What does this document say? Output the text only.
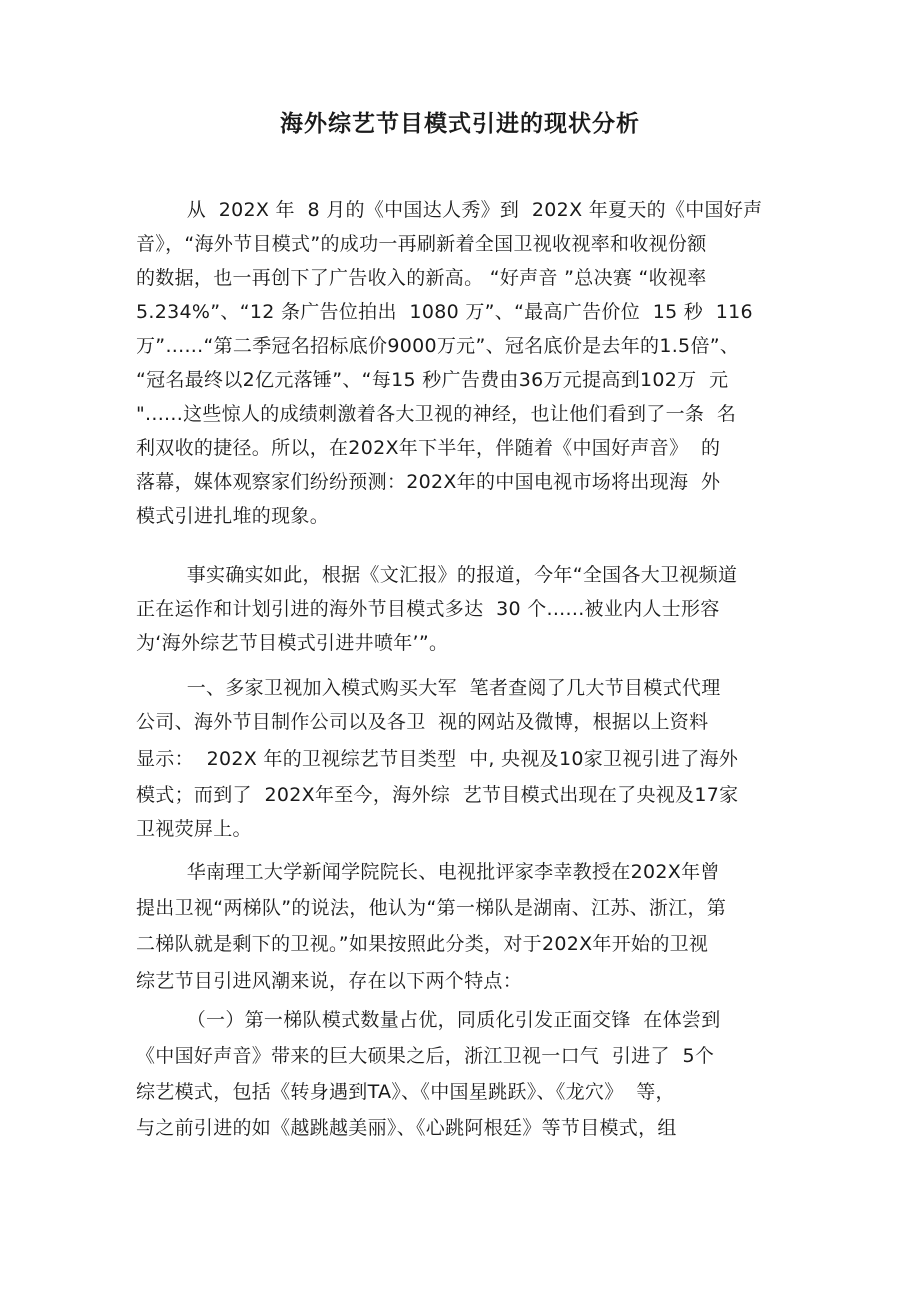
海外综艺节目模式引进的现状分析
从  202X 年  8 月的《中国达人秀》到  202X 年夏天的《中国好声
音》，“海外节目模式”的成功一再刷新着全国卫视收视率和收视份额
的数据，也一再创下了广告收入的新高。 “好声音 ”总决赛 “收视率
5.234%”、“12 条广告位拍出  1080 万”、“最高广告价位  15 秒  116
万”......“第二季冠名招标底价9000万元”、冠名底价是去年的1.5倍”、
“冠名最终以2亿元落锤”、“每15 秒广告费由36万元提高到102万  元
"......这些惊人的成绩刺激着各大卫视的神经，也让他们看到了一条  名
利双收的捷径。所以，在202X年下半年，伴随着《中国好声音》  的
落幕，媒体观察家们纷纷预测：202X年的中国电视市场将出现海  外
模式引进扎堆的现象。
事实确实如此，根据《文汇报》的报道，今年“全国各大卫视频道
正在运作和计划引进的海外节目模式多达  30 个......被业内人士形容
为‘海外综艺节目模式引进井喷年’”。
一、多家卫视加入模式购买大军  笔者查阅了几大节目模式代理
公司、海外节目制作公司以及各卫  视的网站及微博，根据以上资料
显示：  202X 年的卫视综艺节目类型  中, 央视及10家卫视引进了海外
模式；而到了  202X年至今，海外综  艺节目模式出现在了央视及17家
卫视荧屏上。
华南理工大学新闻学院院长、电视批评家李幸教授在202X年曾
提出卫视“两梯队”的说法，他认为“第一梯队是湖南、江苏、浙江，第
二梯队就是剩下的卫视。”如果按照此分类，对于202X年开始的卫视
综艺节目引进风潮来说，存在以下两个特点：
（一）第一梯队模式数量占优，同质化引发正面交锋  在体尝到
《中国好声音》带来的巨大硕果之后，浙江卫视一口气  引进了  5个
综艺模式，包括《转身遇到TA》、《中国星跳跃》、《龙穴》  等，
与之前引进的如《越跳越美丽》、《心跳阿根廷》等节目模式，组
